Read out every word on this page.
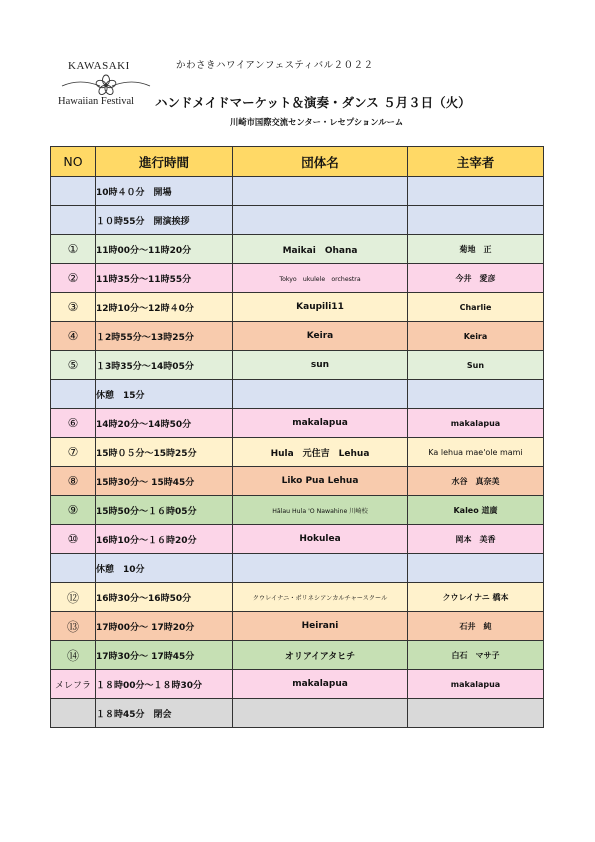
KAWASAKI
Hawaiian Festival
かわさきハワイアンフェスティバル２０２２
ハンドメイドマーケット＆演奏・ダンス ５月３日（火）
川崎市国際交流センター・レセプションルーム
NO	進行時間	団体名	主宰者
	10時４０分　開場		
	１０時55分　開演挨拶		
①	11時00分～11時20分	Maikai　Ohana	菊地　正
②	11時35分～11時55分	Tokyo　ukulele　orchestra	今井　愛彦
③	12時10分～12時４0分	Kaupili11	Charlie
④	１2時55分～13時25分	Keira	Keira
⑤	１3時35分～14時05分	sun	Sun
	休憩　15分		
⑥	14時20分～14時50分	makalapua	makalapua
⑦	15時０５分～15時25分	Hula　元住吉　Lehua	Ka lehua mae'ole mami
⑧	15時30分～ 15時45分	Liko Pua Lehua	水谷　真奈美
⑨	15時50分～１６時05分	Hālau Hula 'O Nawahine 川崎校	Kaleo 道廣
⑩	16時10分～１６時20分	Hokulea	岡本　美香
	休憩　10分		
⑫	16時30分～16時50分	クウレイナニ・ポリネシアンカルチャースクール	クウレイナニ 橋本
⑬	17時00分～ 17時20分	Heirani	石井　純
⑭	17時30分～ 17時45分	オリアイアタヒチ	白石　マサ子
メレフラ	１８時00分～１８時30分	makalapua	makalapua
	１８時45分　閉会		
